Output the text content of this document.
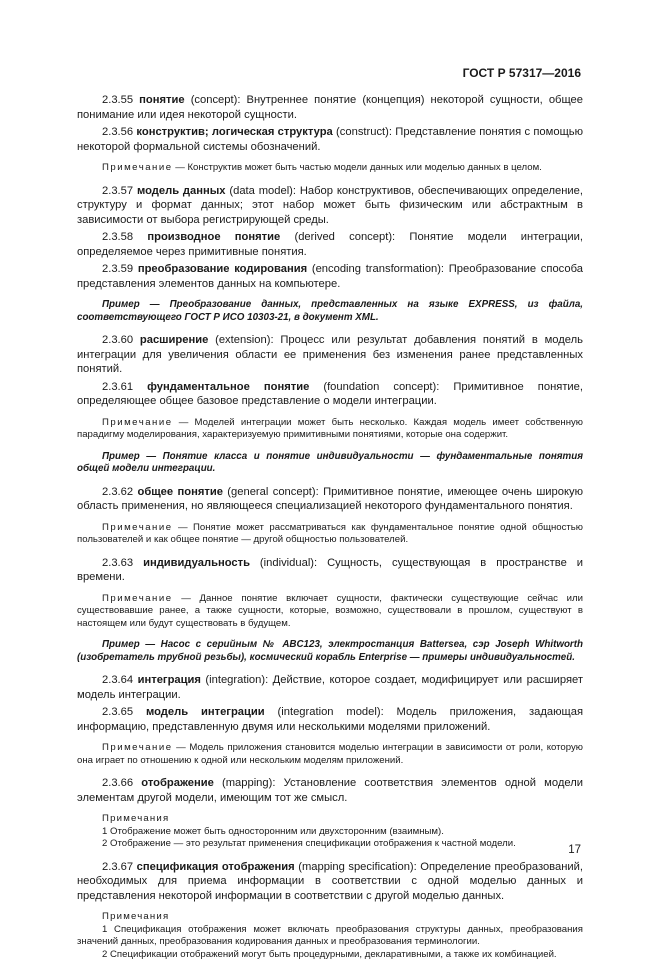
ГОСТ Р 57317—2016

2.3.55 понятие (concept): Внутреннее понятие (концепция) некоторой сущности, общее понимание или идея некоторой сущности.

2.3.56 конструктив; логическая структура (construct): Представление понятия с помощью некоторой формальной системы обозначений.

Примечание — Конструктив может быть частью модели данных или моделью данных в целом.

2.3.57 модель данных (data model): Набор конструктивов, обеспечивающих определение, структуру и формат данных; этот набор может быть физическим или абстрактным в зависимости от выбора регистрирующей среды.

2.3.58 производное понятие (derived concept): Понятие модели интеграции, определяемое через примитивные понятия.

2.3.59 преобразование кодирования (encoding transformation): Преобразование способа представления элементов данных на компьютере.

Пример — Преобразование данных, представленных на языке EXPRESS, из файла, соответствующего ГОСТ Р ИСО 10303-21, в документ XML.

2.3.60 расширение (extension): Процесс или результат добавления понятий в модель интеграции для увеличения области ее применения без изменения ранее представленных понятий.

2.3.61 фундаментальное понятие (foundation concept): Примитивное понятие, определяющее общее базовое представление о модели интеграции.

Примечание — Моделей интеграции может быть несколько. Каждая модель имеет собственную парадигму моделирования, характеризуемую примитивными понятиями, которые она содержит.

Пример — Понятие класса и понятие индивидуальности — фундаментальные понятия общей модели интеграции.

2.3.62 общее понятие (general concept): Примитивное понятие, имеющее очень широкую область применения, но являющееся специализацией некоторого фундаментального понятия.

Примечание — Понятие может рассматриваться как фундаментальное понятие одной общностью пользователей и как общее понятие — другой общностью пользователей.

2.3.63 индивидуальность (individual): Сущность, существующая в пространстве и времени.

Примечание — Данное понятие включает сущности, фактически существующие сейчас или существовавшие ранее, а также сущности, которые, возможно, существовали в прошлом, существуют в настоящем или будут существовать в будущем.

Пример — Насос с серийным № ABC123, электростанция Battersea, сэр Joseph Whitworth (изобретатель трубной резьбы), космический корабль Enterprise — примеры индивидуальностей.

2.3.64 интеграция (integration): Действие, которое создает, модифицирует или расширяет модель интеграции.

2.3.65 модель интеграции (integration model): Модель приложения, задающая информацию, представленную двумя или несколькими моделями приложений.

Примечание — Модель приложения становится моделью интеграции в зависимости от роли, которую она играет по отношению к одной или нескольким моделям приложений.

2.3.66 отображение (mapping): Установление соответствия элементов одной модели элементам другой модели, имеющим тот же смысл.

Примечания
1 Отображение может быть односторонним или двухсторонним (взаимным).
2 Отображение — это результат применения спецификации отображения к частной модели.

2.3.67 спецификация отображения (mapping specification): Определение преобразований, необходимых для приема информации в соответствии с одной моделью данных и представления некоторой информации в соответствии с другой моделью данных.

Примечания
1 Спецификация отображения может включать преобразования структуры данных, преобразования значений данных, преобразования кодирования данных и преобразования терминологии.
2 Спецификации отображений могут быть процедурными, декларативными, а также их комбинацией.
17
